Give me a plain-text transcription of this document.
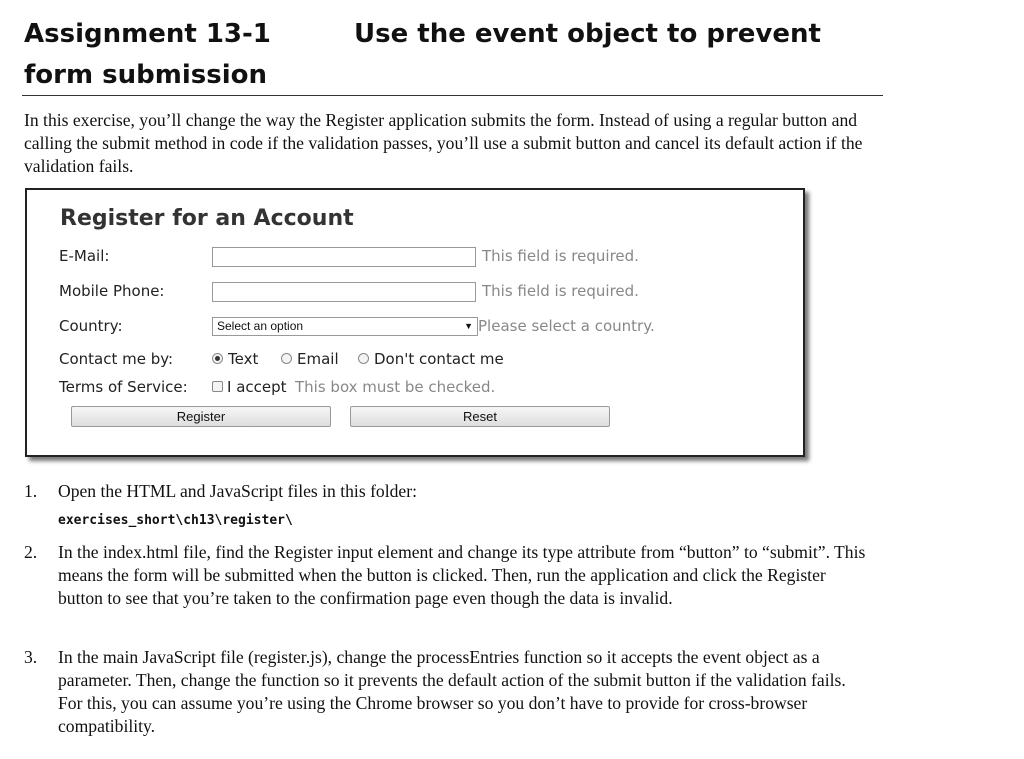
Assignment 13-1	Use the event object to prevent
form submission
In this exercise, you’ll change the way the Register application submits the form. Instead of using a regular button and calling the submit method in code if the validation passes, you’ll use a submit button and cancel its default action if the validation fails.
Register for an Account
E-Mail:	This field is required.
Mobile Phone:	This field is required.
Country:	Select an option	▼ Please select a country.
Contact me by:	Text	Email Don't contact me
Terms of Service:	I accept This box must be checked.
Register	Reset
1. Open the HTML and JavaScript files in this folder:
2. In the index.html file, find the Register input element and change its type attribute from “button” to “submit”. This means the form will be submitted when the button is clicked. Then, run the application and click the Register button to see that you’re taken to the confirmation page even though the data is invalid.
3. In the main JavaScript file (register.js), change the processEntries function so it accepts the event object as a parameter. Then, change the function so it prevents the default action of the submit button if the validation fails. For this, you can assume you’re using the Chrome browser so you don’t have to provide for cross-browser compatibility.
exercises_short\ch13\register\
